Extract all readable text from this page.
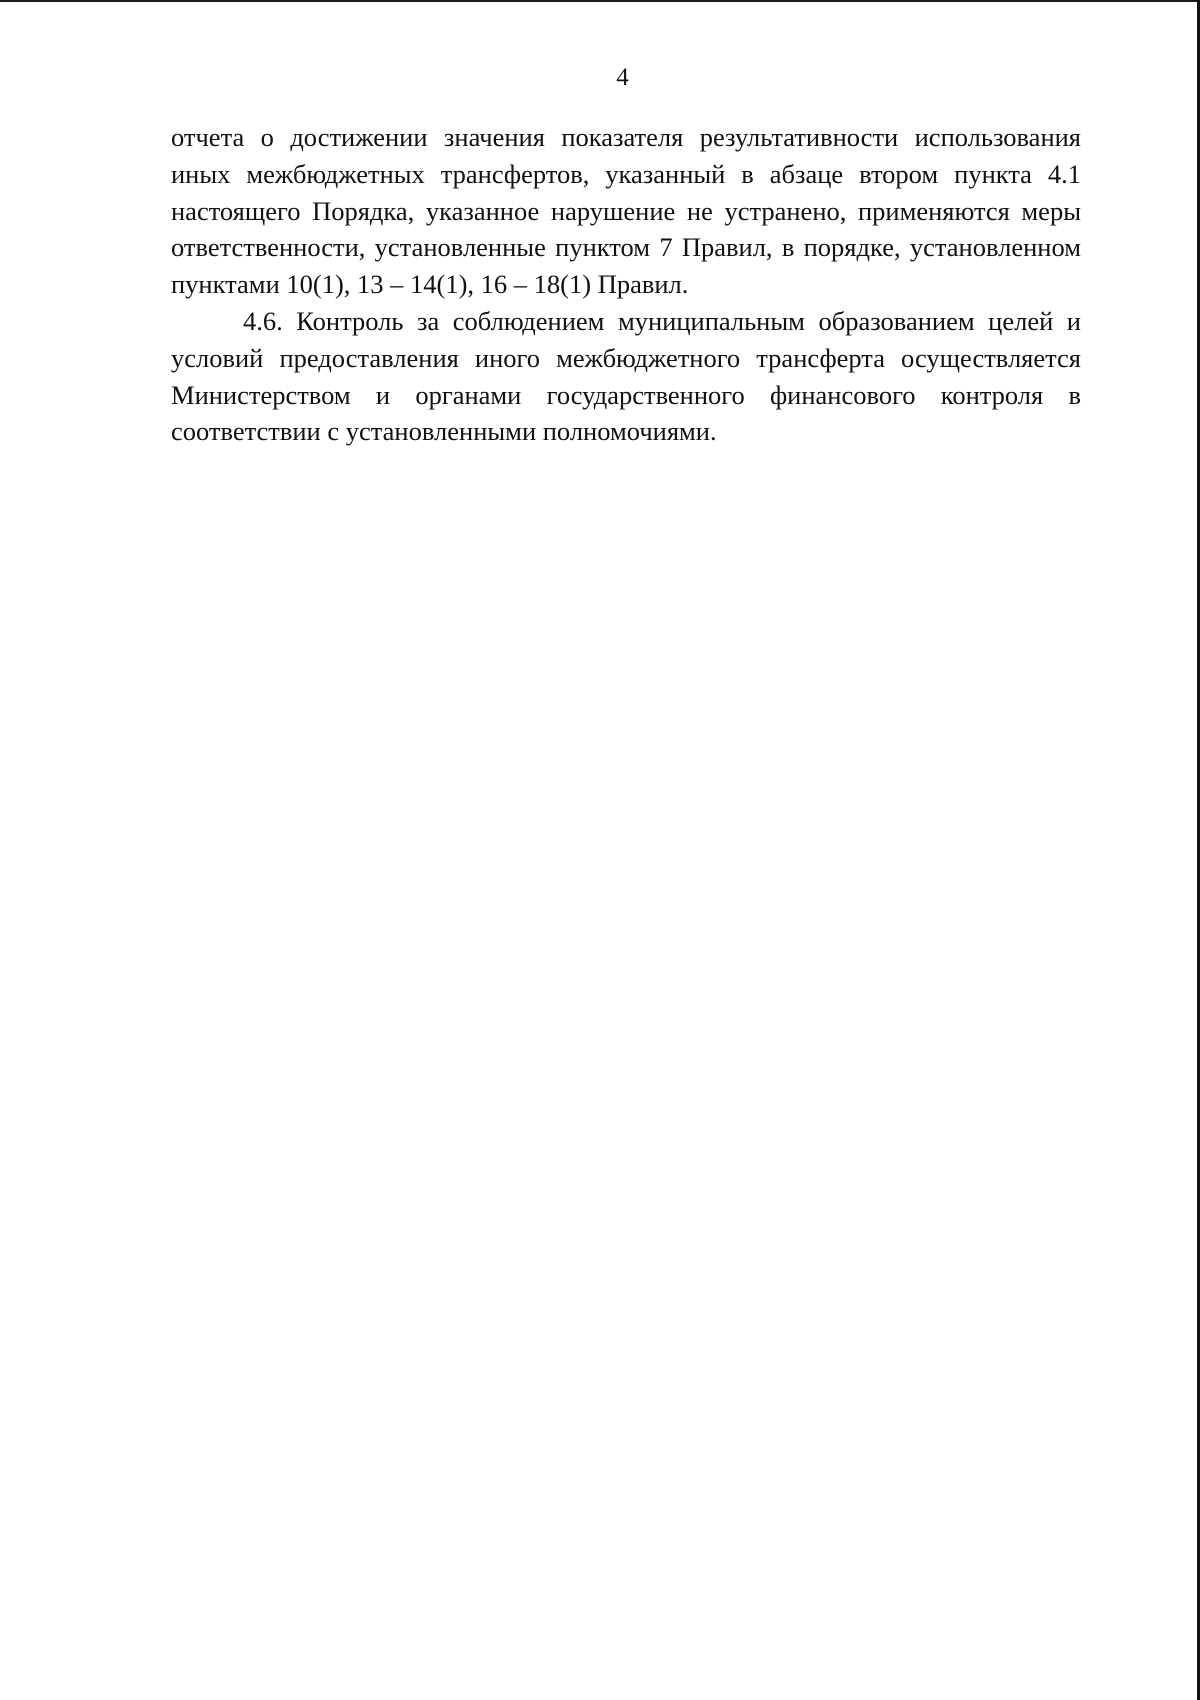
4

отчета о достижении значения показателя результативности использования иных межбюджетных трансфертов, указанный в абзаце втором пункта 4.1 настоящего Порядка, указанное нарушение не устранено, применяются меры ответственности, установленные пунктом 7 Правил, в порядке, установленном пунктами 10(1), 13 – 14(1), 16 – 18(1) Правил.

4.6. Контроль за соблюдением муниципальным образованием целей и условий предоставления иного межбюджетного трансферта осуществляется Министерством и органами государственного финансового контроля в соответствии с установленными полномочиями.
